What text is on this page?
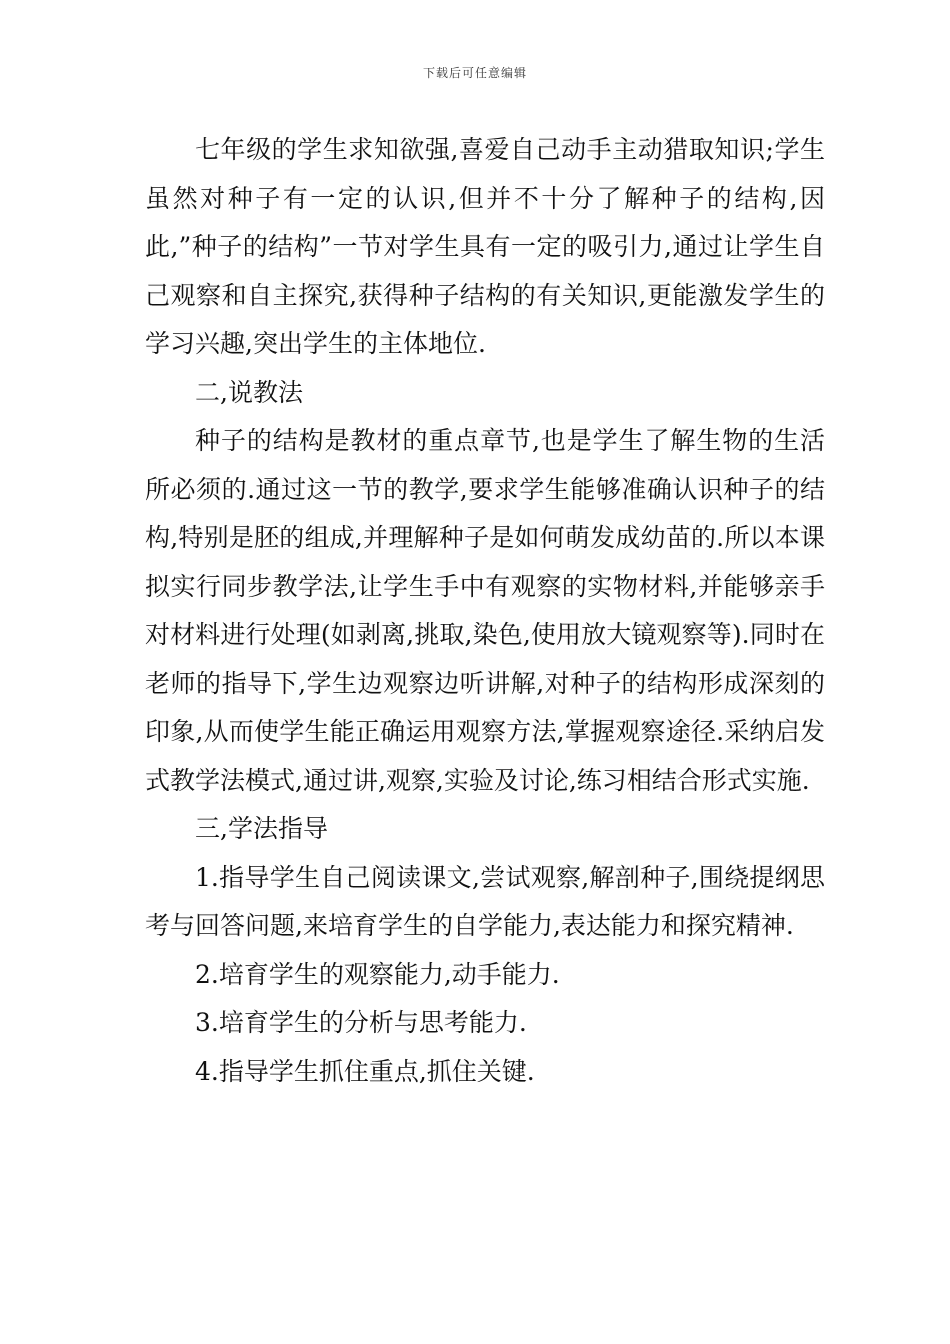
下载后可任意编辑

七年级的学生求知欲强,喜爱自己动手主动猎取知识;学生虽然对种子有一定的认识,但并不十分了解种子的结构,因此,”种子的结构”一节对学生具有一定的吸引力,通过让学生自己观察和自主探究,获得种子结构的有关知识,更能激发学生的学习兴趣,突出学生的主体地位.

二,说教法

种子的结构是教材的重点章节,也是学生了解生物的生活所必须的.通过这一节的教学,要求学生能够准确认识种子的结构,特别是胚的组成,并理解种子是如何萌发成幼苗的.所以本课拟实行同步教学法,让学生手中有观察的实物材料,并能够亲手对材料进行处理(如剥离,挑取,染色,使用放大镜观察等).同时在老师的指导下,学生边观察边听讲解,对种子的结构形成深刻的印象,从而使学生能正确运用观察方法,掌握观察途径.采纳启发式教学法模式,通过讲,观察,实验及讨论,练习相结合形式实施.

三,学法指导

1.指导学生自己阅读课文,尝试观察,解剖种子,围绕提纲思考与回答问题,来培育学生的自学能力,表达能力和探究精神.

2.培育学生的观察能力,动手能力.

3.培育学生的分析与思考能力.

4.指导学生抓住重点,抓住关键.
